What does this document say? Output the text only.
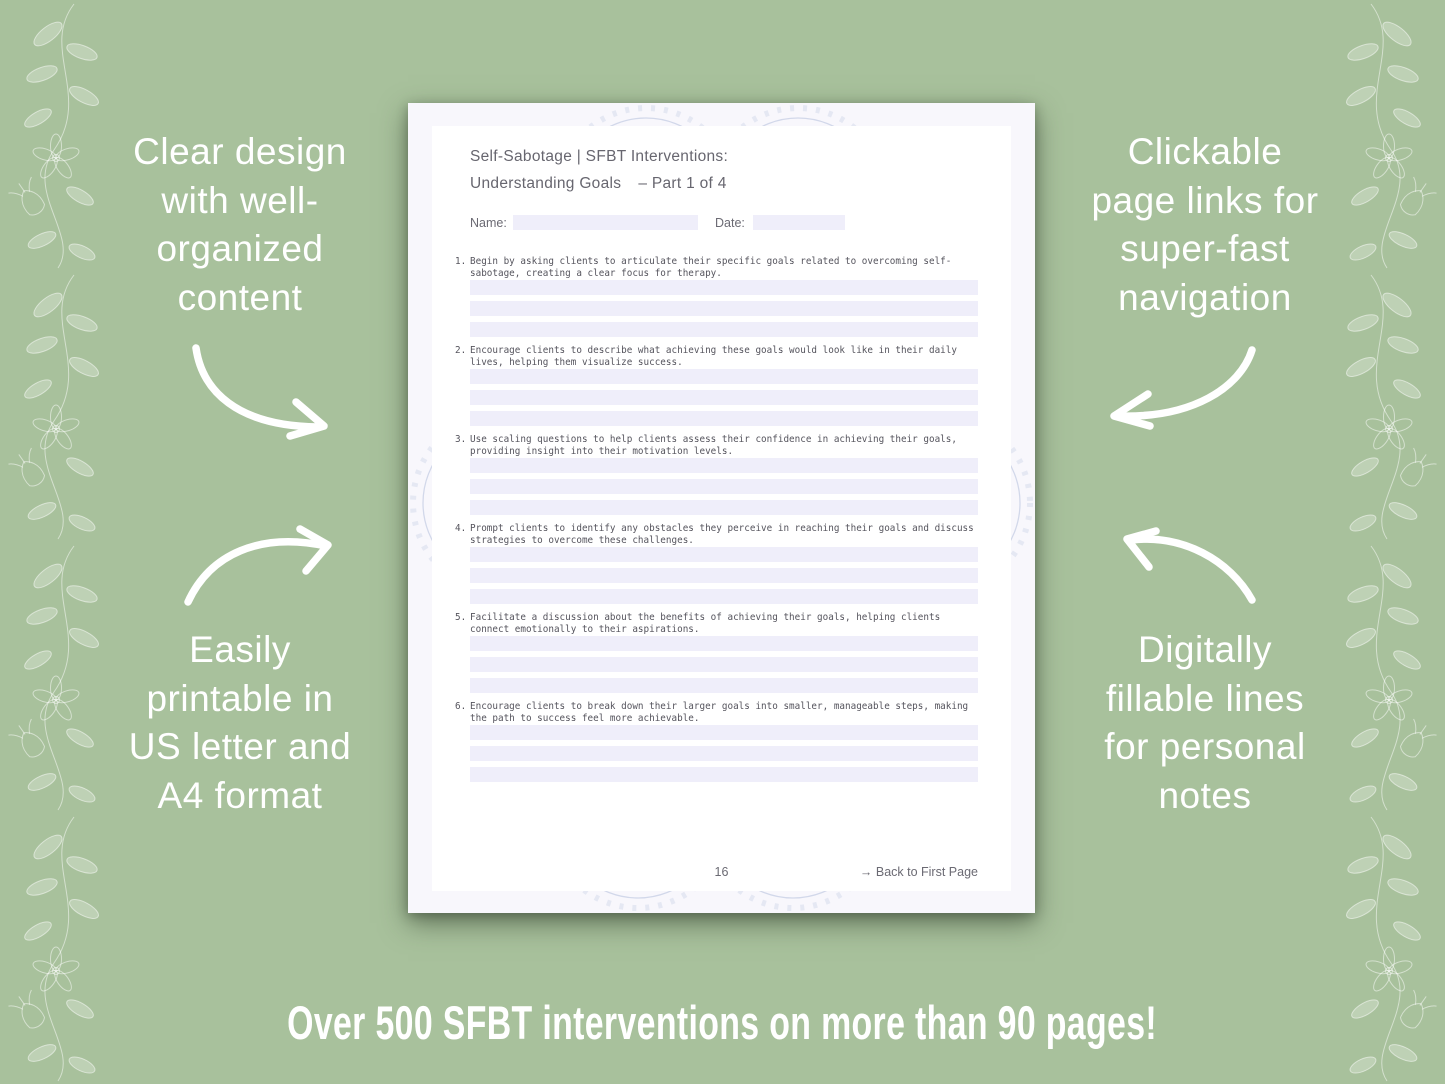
Clear design
with well-
organized
content
Easily
printable in
US letter and
A4 format
Clickable
page links for
super-fast
navigation
Digitally
fillable lines
for personal
notes
Self-Sabotage | SFBT Interventions:
Understanding Goals – Part 1 of 4
Name:	Date:
1. Begin by asking clients to articulate their specific goals related to overcoming self-sabotage, creating a clear focus for therapy.
2. Encourage clients to describe what achieving these goals would look like in their daily lives, helping them visualize success.
3. Use scaling questions to help clients assess their confidence in achieving their goals, providing insight into their motivation levels.
4. Prompt clients to identify any obstacles they perceive in reaching their goals and discuss strategies to overcome these challenges.
5. Facilitate a discussion about the benefits of achieving their goals, helping clients connect emotionally to their aspirations.
6. Encourage clients to break down their larger goals into smaller, manageable steps, making the path to success feel more achievable.
16	→ Back to First Page
Over 500 SFBT interventions on more than 90 pages!
